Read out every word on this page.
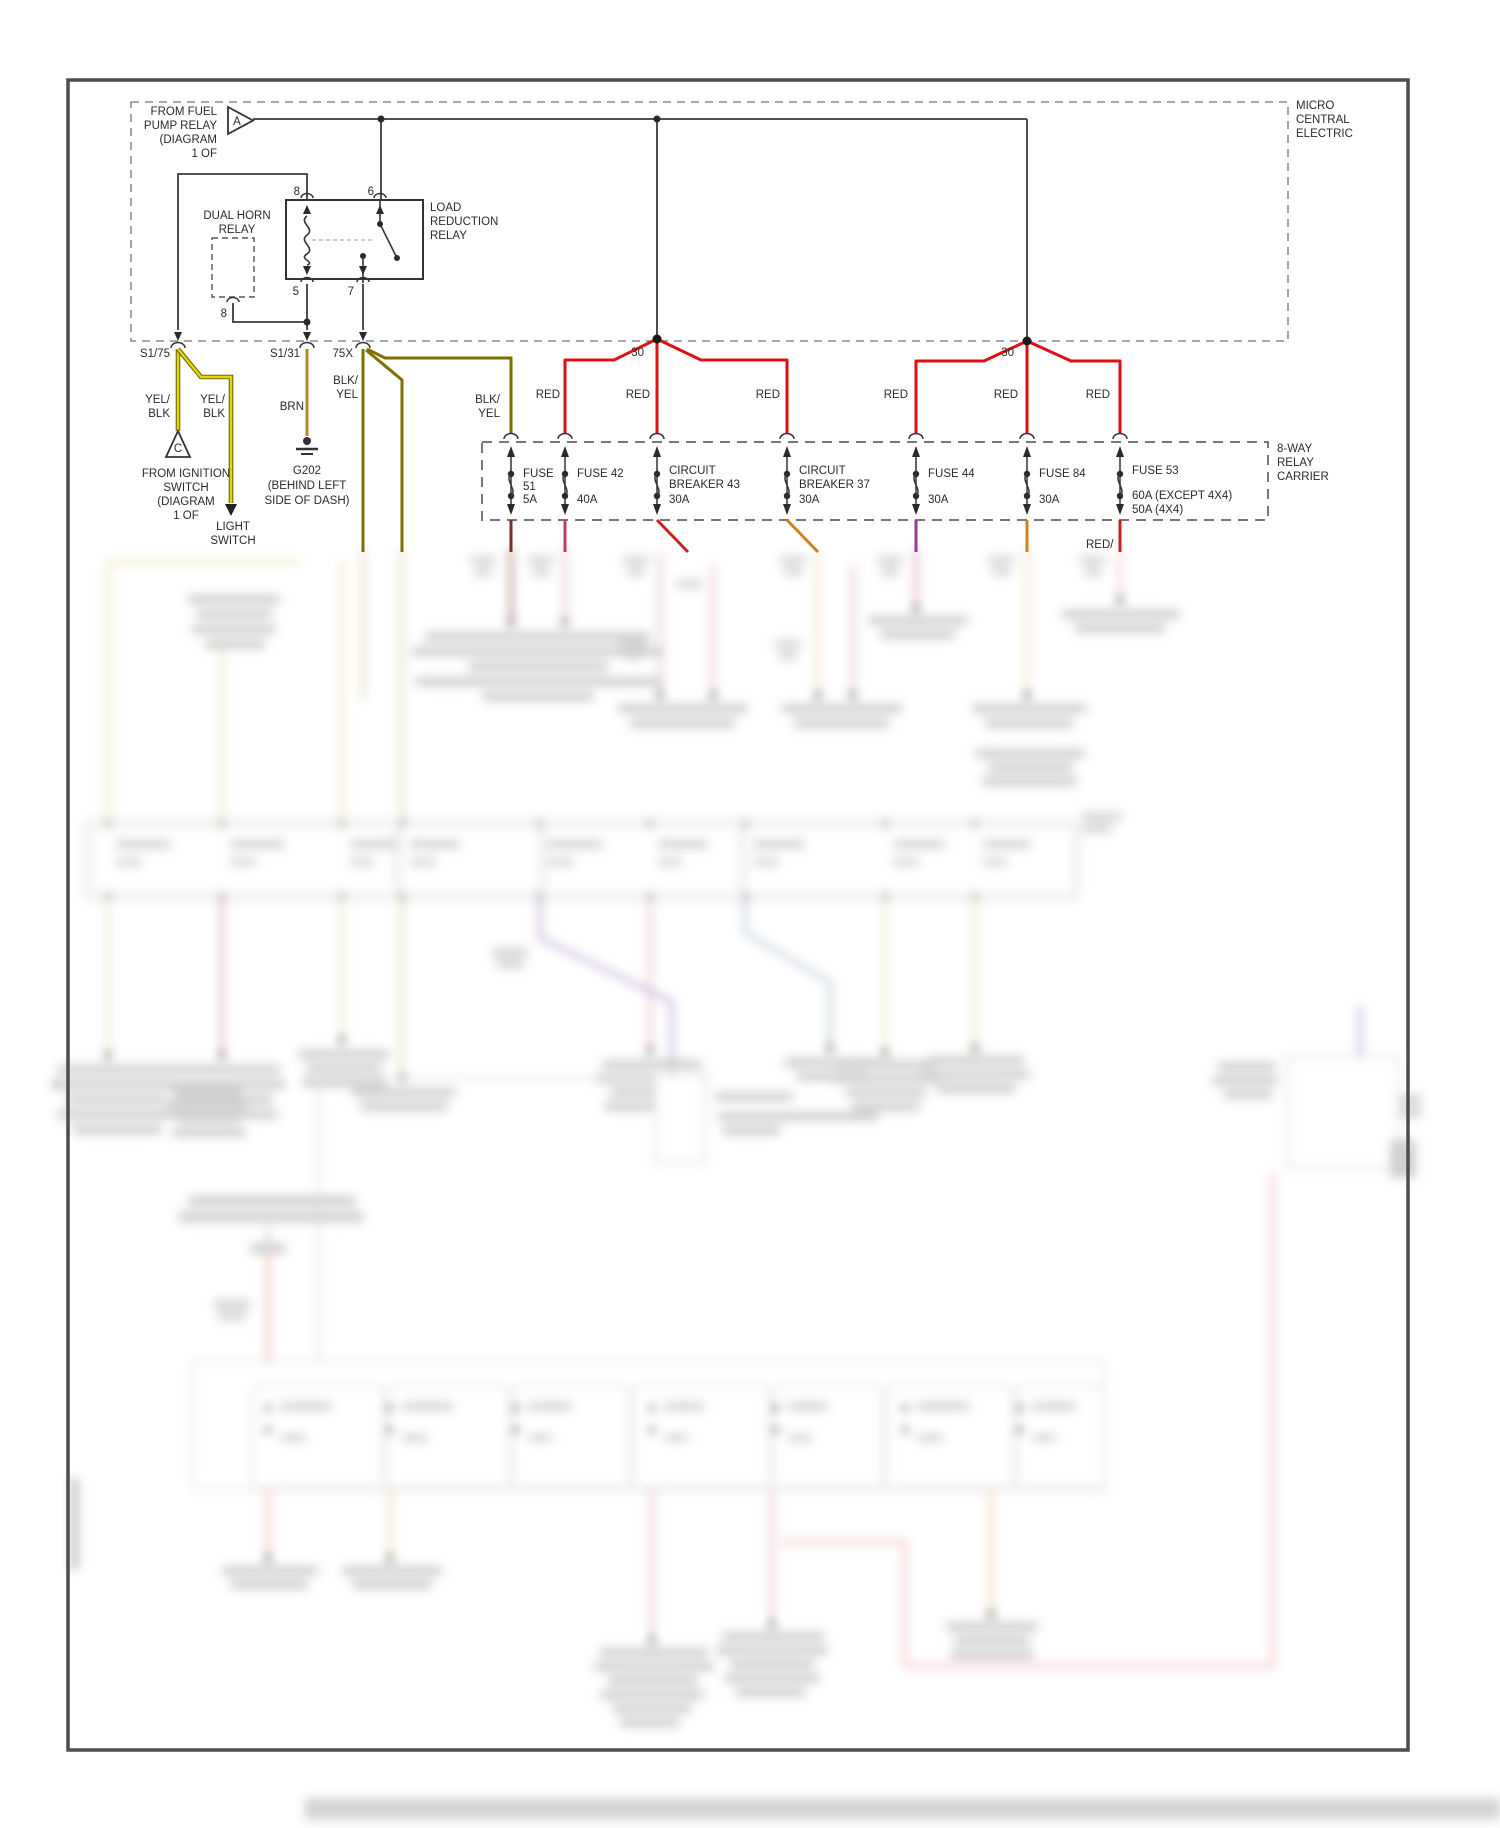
FROM FUEL
PUMP RELAY
(DIAGRAM
1 OF
A
MICRO
CENTRAL
ELECTRIC
DUAL HORN
RELAY
LOAD
REDUCTION
RELAY
8	6
5	7
8
S1/75	S1/31	75X
YEL/
BLK
YEL/
BLK
BRN
BLK/
YEL	BLK/
YEL
30	30
RED	RED	RED	RED	RED	RED
RED/
8-WAY
RELAY
CARRIER
FUSE
51
5A
FUSE 42
40A
CIRCUIT
BREAKER 43
30A
CIRCUIT
BREAKER 37
30A
FUSE 44
30A
FUSE 84
30A
FUSE 53
60A (EXCEPT 4X4)
50A (4X4)
FROM IGNITION
SWITCH
(DIAGRAM
1 OF
C
G202
(BEHIND LEFT
SIDE OF DASH)
LIGHT
SWITCH
